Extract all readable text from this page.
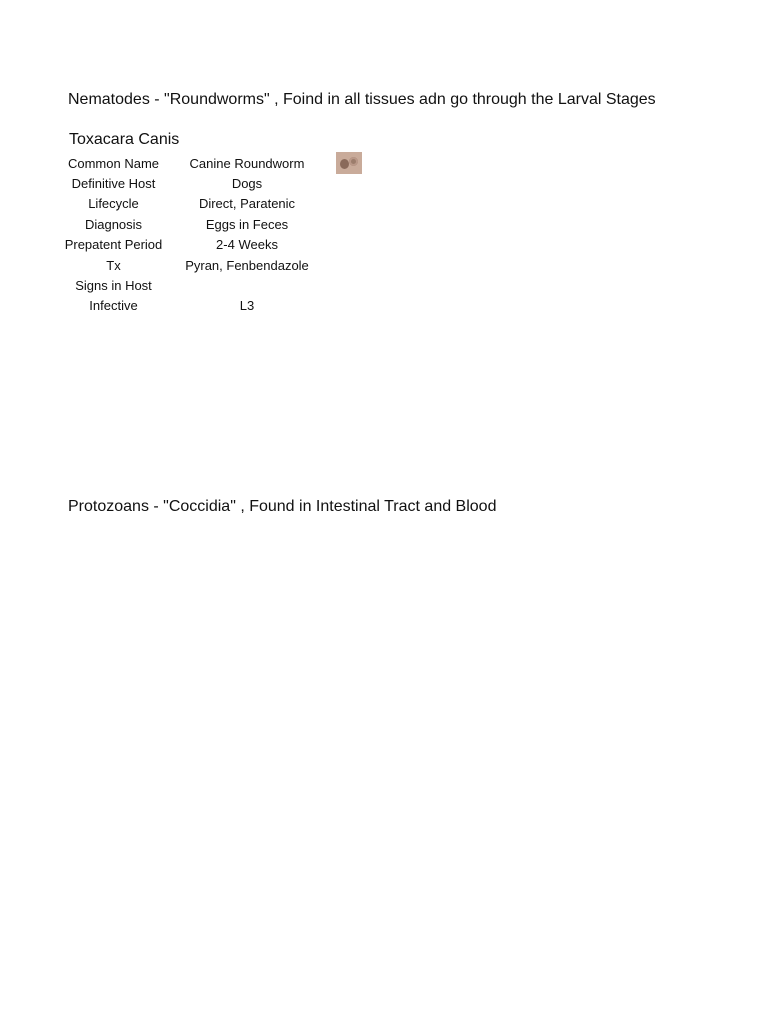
Nematodes - "Roundworms" , Foind in all tissues adn go through the Larval Stages
Toxacara Canis
Common Name	Canine Roundworm
Definitive Host	Dogs
Lifecycle	Direct, Paratenic
Diagnosis	Eggs in Feces
Prepatent Period	2-4 Weeks
Tx	Pyran, Fenbendazole
Signs in Host
Infective	L3
Protozoans - "Coccidia" , Found in Intestinal Tract and Blood
